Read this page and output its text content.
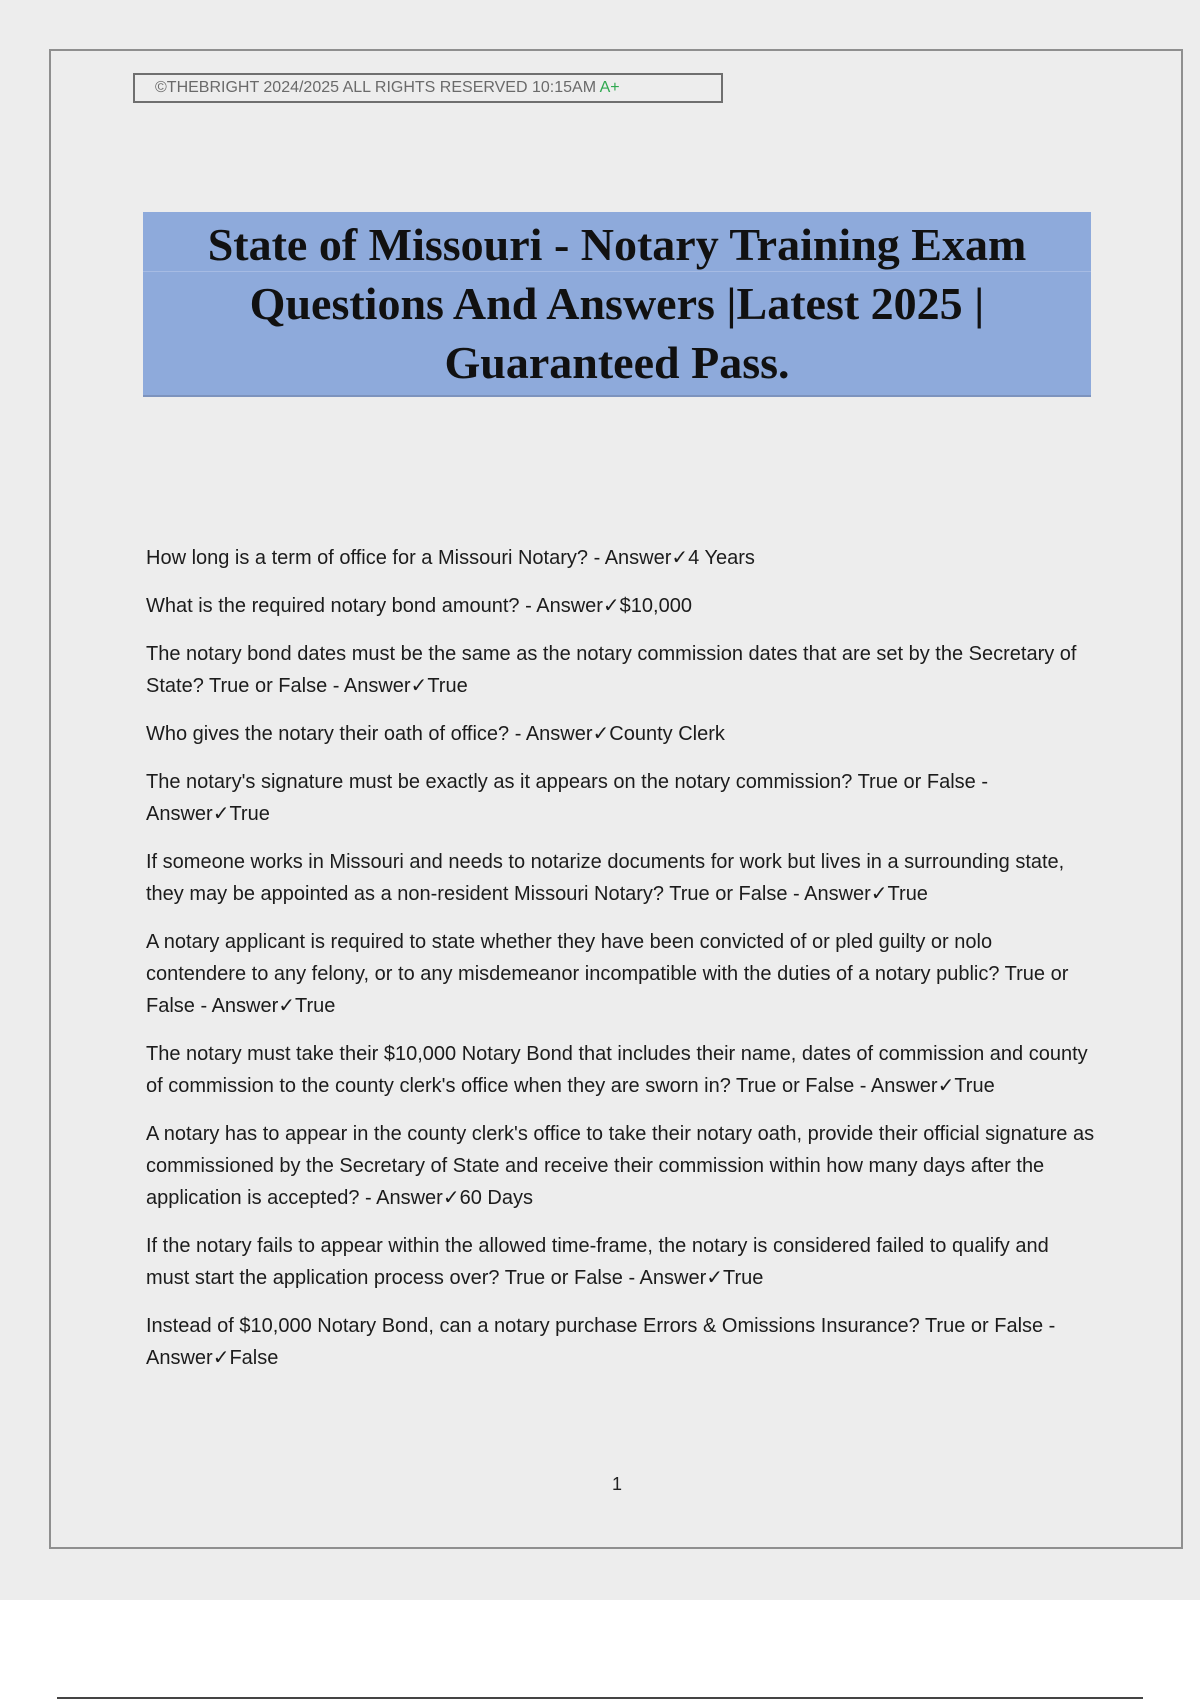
©THEBRIGHT 2024/2025 ALL RIGHTS RESERVED 10:15AM A+
State of Missouri - Notary Training Exam
Questions And Answers |Latest 2025 |
Guaranteed Pass.
How long is a term of office for a Missouri Notary? - Answer✓4 Years
What is the required notary bond amount? - Answer✓$10,000
The notary bond dates must be the same as the notary commission dates that are set by the Secretary of State? True or False - Answer✓True
Who gives the notary their oath of office? - Answer✓County Clerk
The notary's signature must be exactly as it appears on the notary commission? True or False - Answer✓True
If someone works in Missouri and needs to notarize documents for work but lives in a surrounding state, they may be appointed as a non-resident Missouri Notary? True or False - Answer✓True
A notary applicant is required to state whether they have been convicted of or pled guilty or nolo contendere to any felony, or to any misdemeanor incompatible with the duties of a notary public? True or False - Answer✓True
The notary must take their $10,000 Notary Bond that includes their name, dates of commission and county of commission to the county clerk's office when they are sworn in? True or False - Answer✓True
A notary has to appear in the county clerk's office to take their notary oath, provide their official signature as commissioned by the Secretary of State and receive their commission within how many days after the application is accepted? - Answer✓60 Days
If the notary fails to appear within the allowed time-frame, the notary is considered failed to qualify and must start the application process over? True or False - Answer✓True
Instead of $10,000 Notary Bond, can a notary purchase Errors & Omissions Insurance? True or False - Answer✓False
1
